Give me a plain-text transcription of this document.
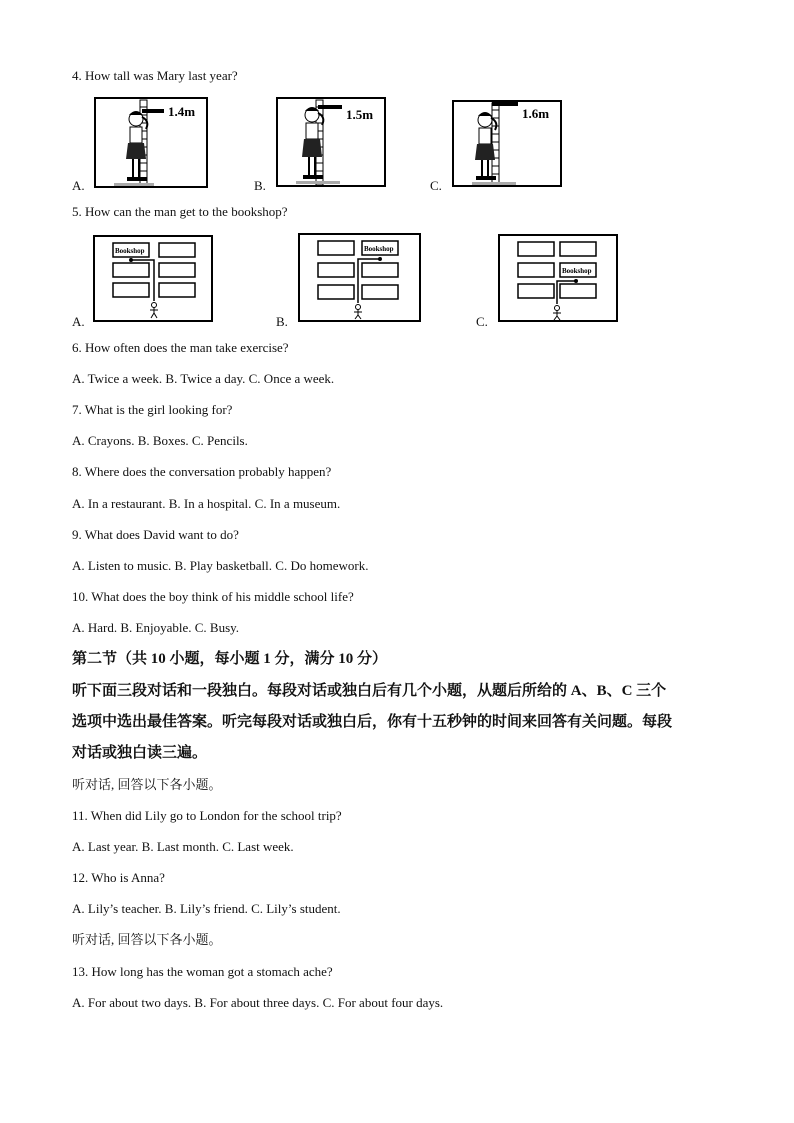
4. How tall was Mary last year?
A.
1.4m
B.
1.5m
C.
1.6m
5. How can the man get to the bookshop?
A.
Bookshop
B.
Bookshop
C.
Bookshop
6. How often does the man take exercise?
A. Twice a week. B. Twice a day. C. Once a week.
7. What is the girl looking for?
A. Crayons. B. Boxes. C. Pencils.
8. Where does the conversation probably happen?
A. In a restaurant. B. In a hospital. C. In a museum.
9. What does David want to do?
A. Listen to music. B. Play basketball. C. Do homework.
10. What does the boy think of his middle school life?
A. Hard. B. Enjoyable. C. Busy.
第二节（共 10 小题，每小题 1 分，满分 10 分）
听下面三段对话和一段独白。每段对话或独白后有几个小题，从题后所给的 A、B、C 三个
选项中选出最佳答案。听完每段对话或独白后，你有十五秒钟的时间来回答有关问题。每段
对话或独白读三遍。
听对话, 回答以下各小题。
11. When did Lily go to London for the school trip?
A. Last year. B. Last month. C. Last week.
12. Who is Anna?
A. Lily’s teacher. B. Lily’s friend. C. Lily’s student.
听对话, 回答以下各小题。
13. How long has the woman got a stomach ache?
A. For about two days. B. For about three days. C. For about four days.
